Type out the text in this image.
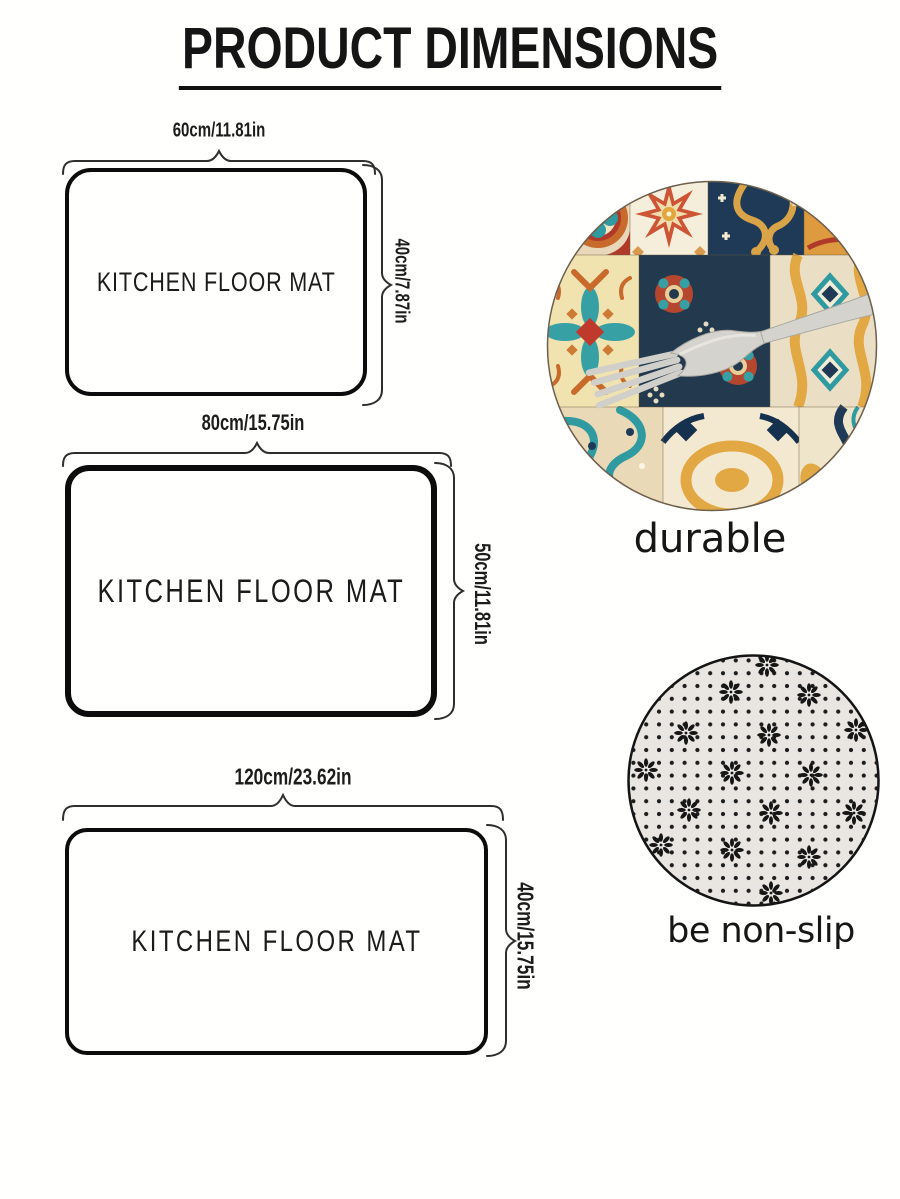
PRODUCT DIMENSIONS
60cm/11.81in
KITCHEN FLOOR MAT	40cm/7.87in
80cm/15.75in
KITCHEN FLOOR MAT	50cm/11.81in
120cm/23.62in
KITCHEN FLOOR MAT	40cm/15.75in
durable
be non-slip
